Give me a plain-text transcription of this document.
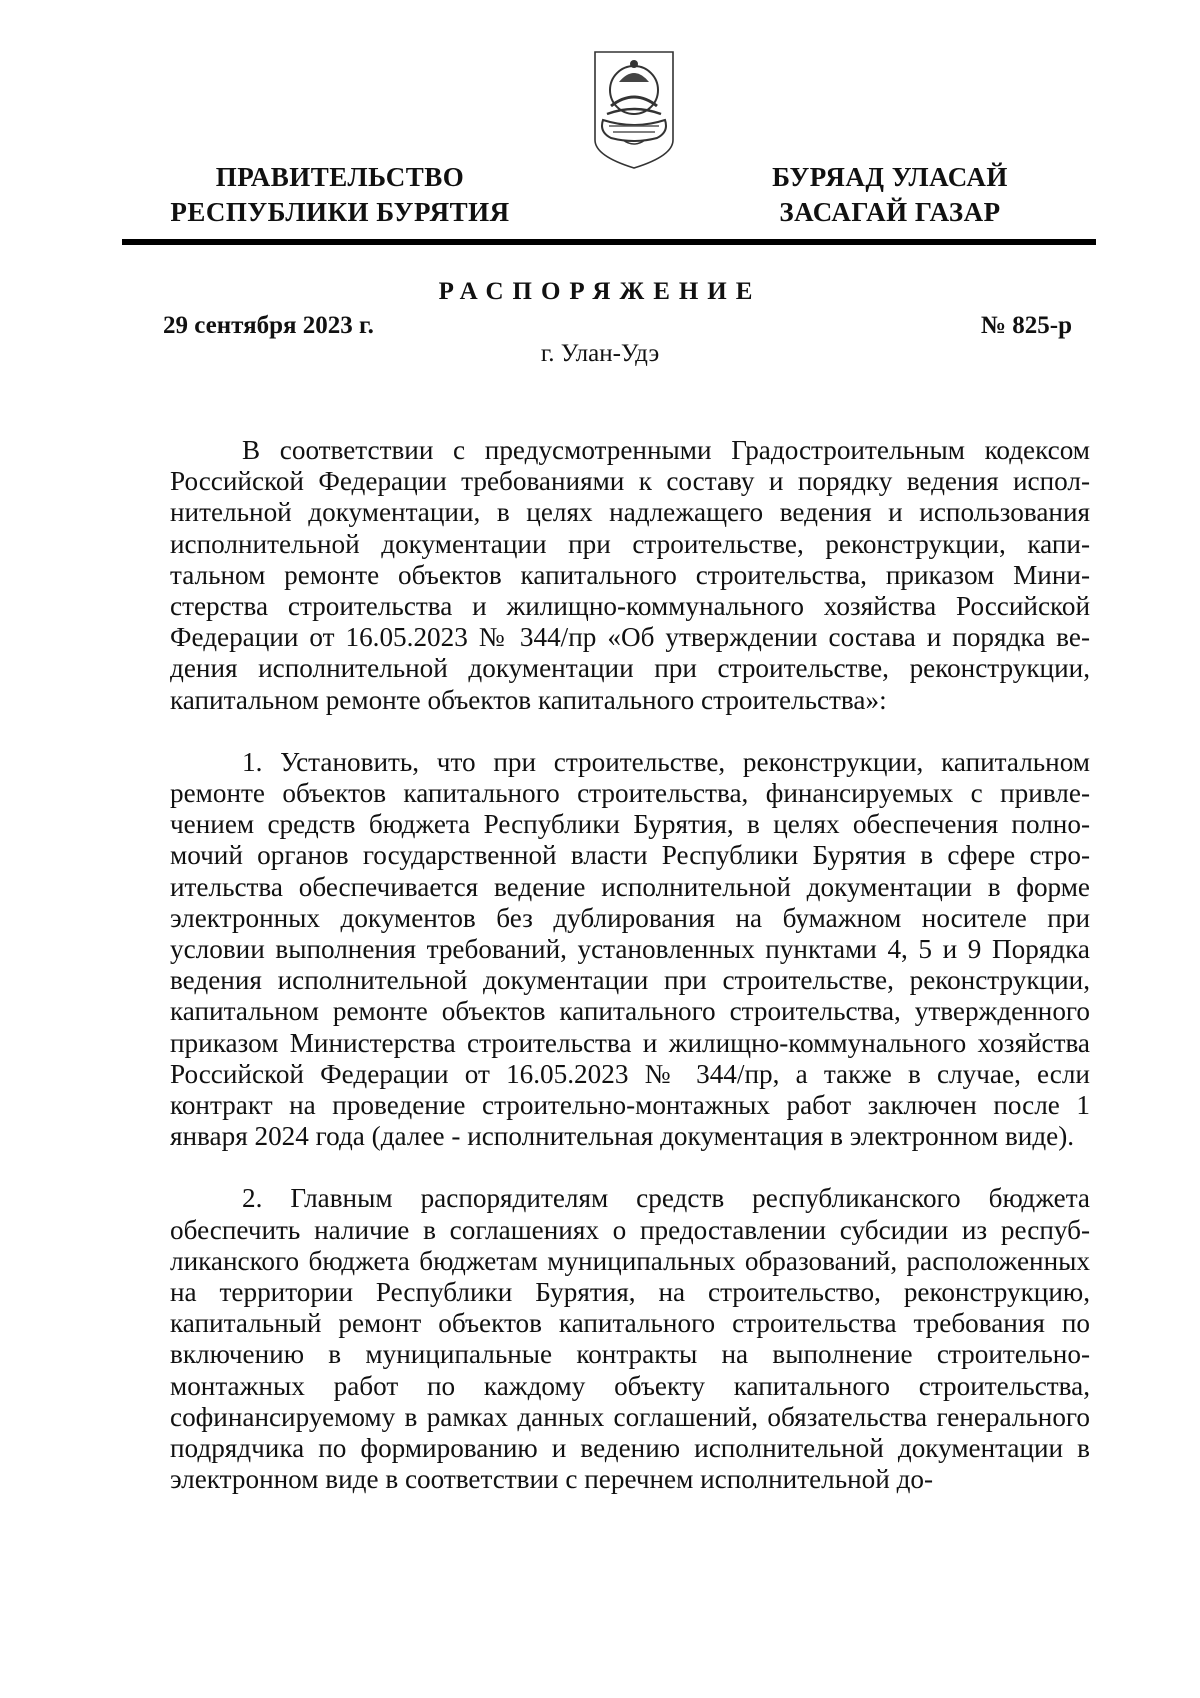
ПРАВИТЕЛЬСТВО
РЕСПУБЛИКИ БУРЯТИЯ
БУРЯАД УЛАСАЙ
ЗАСАГАЙ ГАЗАР
РАСПОРЯЖЕНИЕ
29 сентября 2023 г.	№ 825-р
г. Улан-Удэ

В соответствии с предусмотренными Градостроительным кодексом Российской Федерации требованиями к составу и порядку ведения исполнительной документации, в целях надлежащего ведения и использования исполнительной документации при строительстве, реконструкции, капитальном ремонте объектов капитального строительства, приказом Министерства строительства и жилищно-коммунального хозяйства Российской Федерации от 16.05.2023 № 344/пр «Об утверждении состава и порядка ведения исполнительной документации при строительстве, реконструкции, капитальном ремонте объектов капитального строительства»:

1. Установить, что при строительстве, реконструкции, капитальном ремонте объектов капитального строительства, финансируемых с привлечением средств бюджета Республики Бурятия, в целях обеспечения полномочий органов государственной власти Республики Бурятия в сфере строительства обеспечивается ведение исполнительной документации в форме электронных документов без дублирования на бумажном носителе при условии выполнения требований, установленных пунктами 4, 5 и 9 Порядка ведения исполнительной документации при строительстве, реконструкции, капитальном ремонте объектов капитального строительства, утвержденного приказом Министерства строительства и жилищно-коммунального хозяйства Российской Федерации от 16.05.2023 № 344/пр, а также в случае, если контракт на проведение строительно-монтажных работ заключен после 1 января 2024 года (далее - исполнительная документация в электронном виде).

2. Главным распорядителям средств республиканского бюджета обеспечить наличие в соглашениях о предоставлении субсидии из республиканского бюджета бюджетам муниципальных образований, расположенных на территории Республики Бурятия, на строительство, реконструкцию, капитальный ремонт объектов капитального строительства требования по включению в муниципальные контракты на выполнение строительно-монтажных работ по каждому объекту капитального строительства, софинансируемому в рамках данных соглашений, обязательства генерального подрядчика по формированию и ведению исполнительной документации в электронном виде в соответствии с перечнем исполнительной до-
